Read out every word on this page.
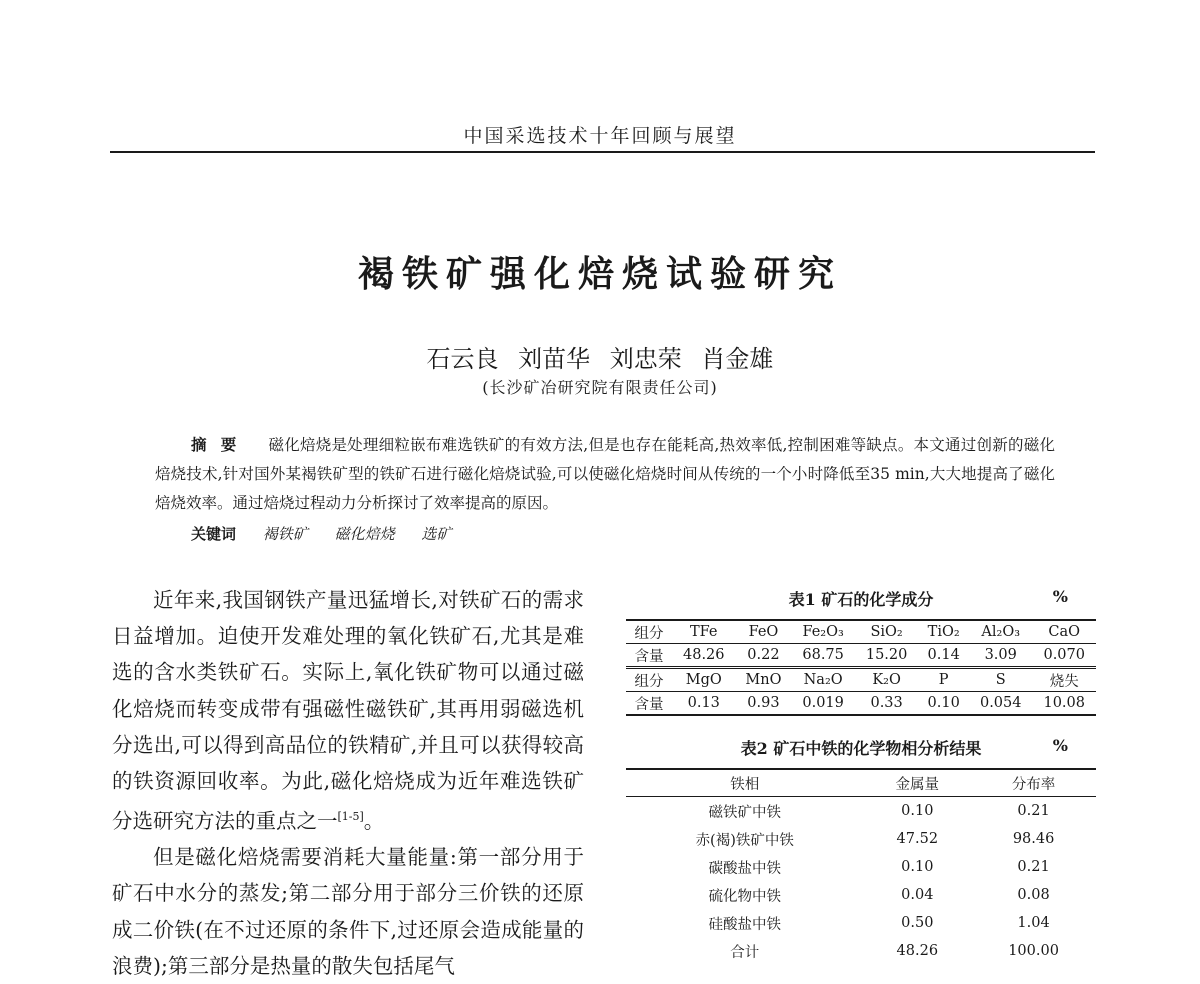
中国采选技术十年回顾与展望
褐铁矿强化焙烧试验研究
石云良 刘苗华 刘忠荣 肖金雄
(长沙矿冶研究院有限责任公司)
摘要 磁化焙烧是处理细粒嵌布难选铁矿的有效方法,但是也存在能耗高,热效率低,控制困难等缺点。本文通过创新的磁化焙烧技术,针对国外某褐铁矿型的铁矿石进行磁化焙烧试验,可以使磁化焙烧时间从传统的一个小时降低至35 min,大大地提高了磁化焙烧效率。通过焙烧过程动力分析探讨了效率提高的原因。
关键词 褐铁矿 磁化焙烧 选矿

近年来,我国钢铁产量迅猛增长,对铁矿石的需求日益增加。迫使开发难处理的氧化铁矿石,尤其是难选的含水类铁矿石。实际上,氧化铁矿物可以通过磁化焙烧而转变成带有强磁性磁铁矿,其再用弱磁选机分选出,可以得到高品位的铁精矿,并且可以获得较高的铁资源回收率。为此,磁化焙烧成为近年难选铁矿分选研究方法的重点之一[1-5]。

但是磁化焙烧需要消耗大量能量:第一部分用于矿石中水分的蒸发;第二部分用于部分三价铁的还原成二价铁(在不过还原的条件下,过还原会造成能量的浪费);第三部分是热量的散失包括尾气

表1 矿石的化学成分	%
组分	TFe	FeO	Fe₂O₃	SiO₂	TiO₂	Al₂O₃	CaO
含量	48.26	0.22	68.75	15.20	0.14	3.09	0.070
组分	MgO	MnO	Na₂O	K₂O	P	S	烧失
含量	0.13	0.93	0.019	0.33	0.10	0.054	10.08
表2 矿石中铁的化学物相分析结果	%
铁相	金属量	分布率
磁铁矿中铁	0.10	0.21
赤(褐)铁矿中铁	47.52	98.46
碳酸盐中铁	0.10	0.21
硫化物中铁	0.04	0.08
硅酸盐中铁	0.50	1.04
合计	48.26	100.00
